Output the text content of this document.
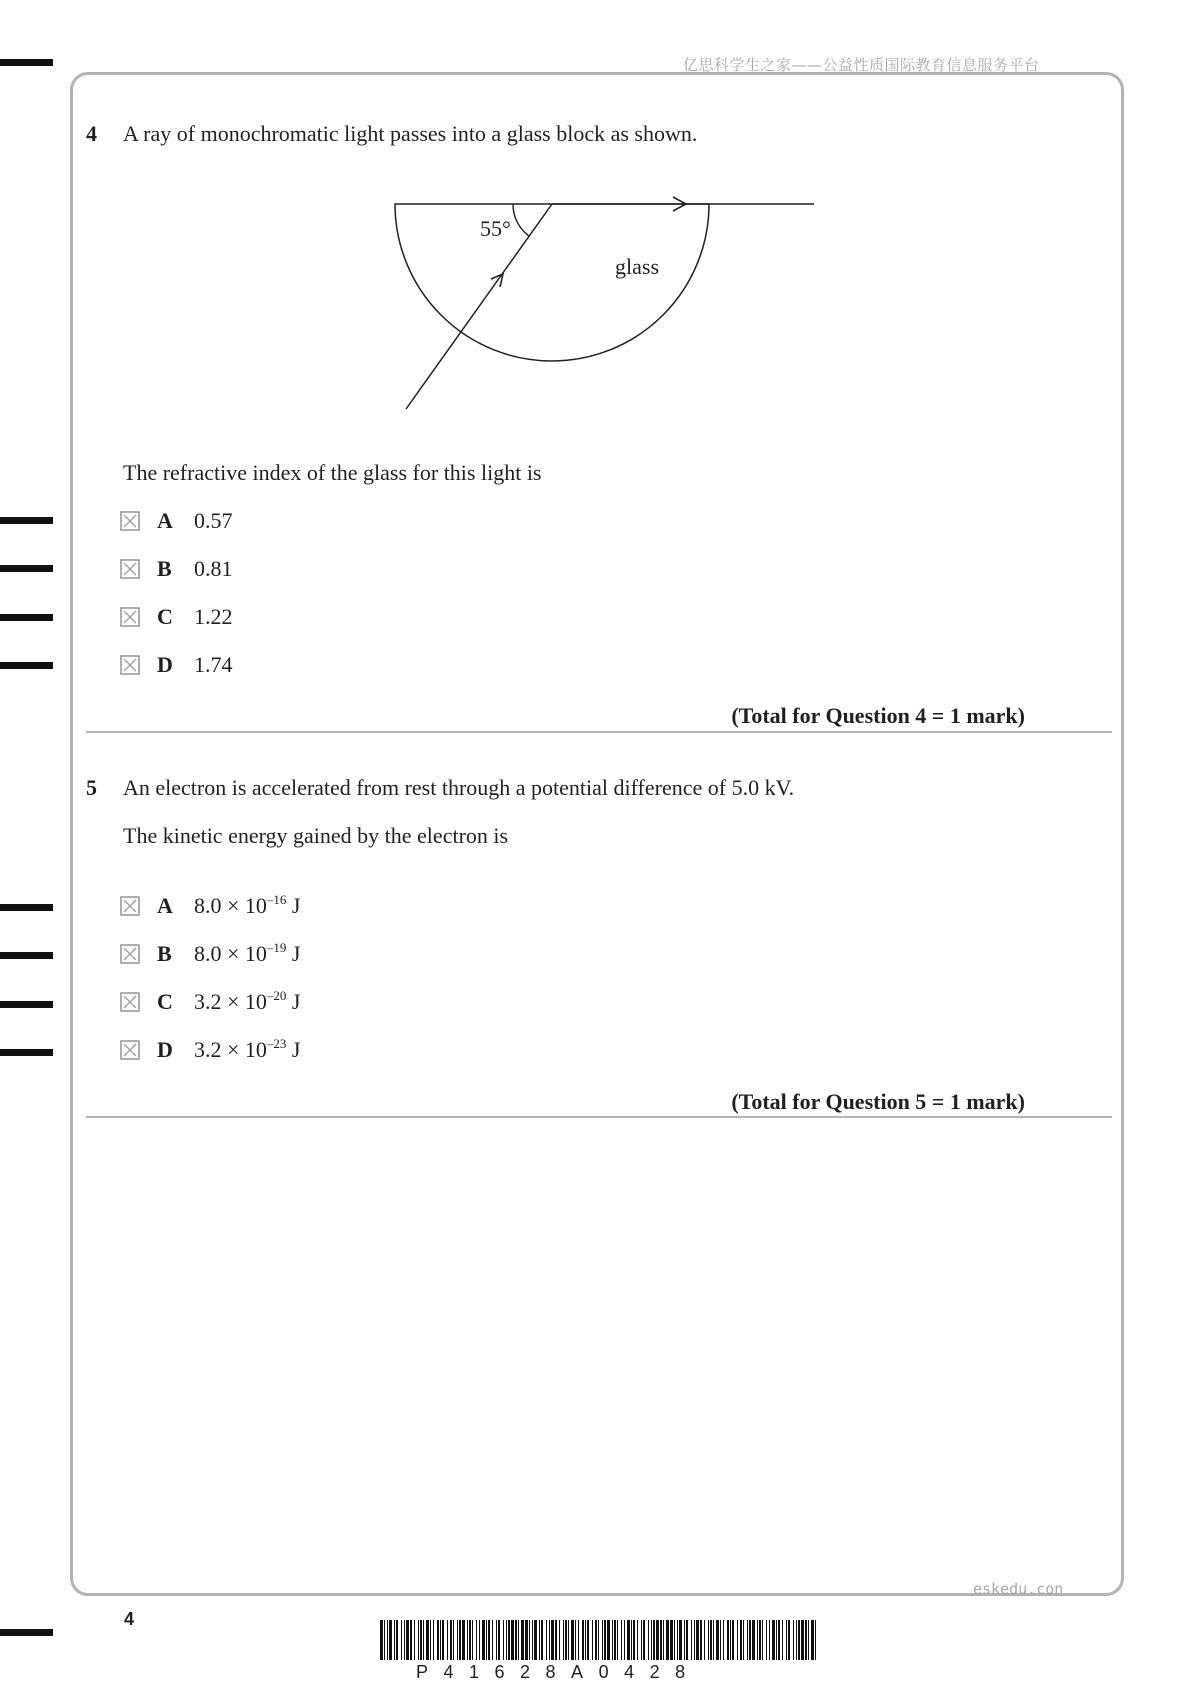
亿思科学生之家——公益性质国际教育信息服务平台
4 A ray of monochromatic light passes into a glass block as shown.
55°
glass
The refractive index of the glass for this light is
A 0.57
B	0.81
C 1.22
D 1.74
(Total for Question 4 = 1 mark)
5 An electron is accelerated from rest through a potential difference of 5.0 kV.
The kinetic energy gained by the electron is
A $8.0 \times 10^{-16}$ J
B	$8.0 \times 10^{-19}$ J
C $3.2 \times 10^{-20}$ J
D $3.2 \times 10^{-23}$ J
(Total for Question 5 = 1 mark)
eskedu.con
4
P41628A0428
